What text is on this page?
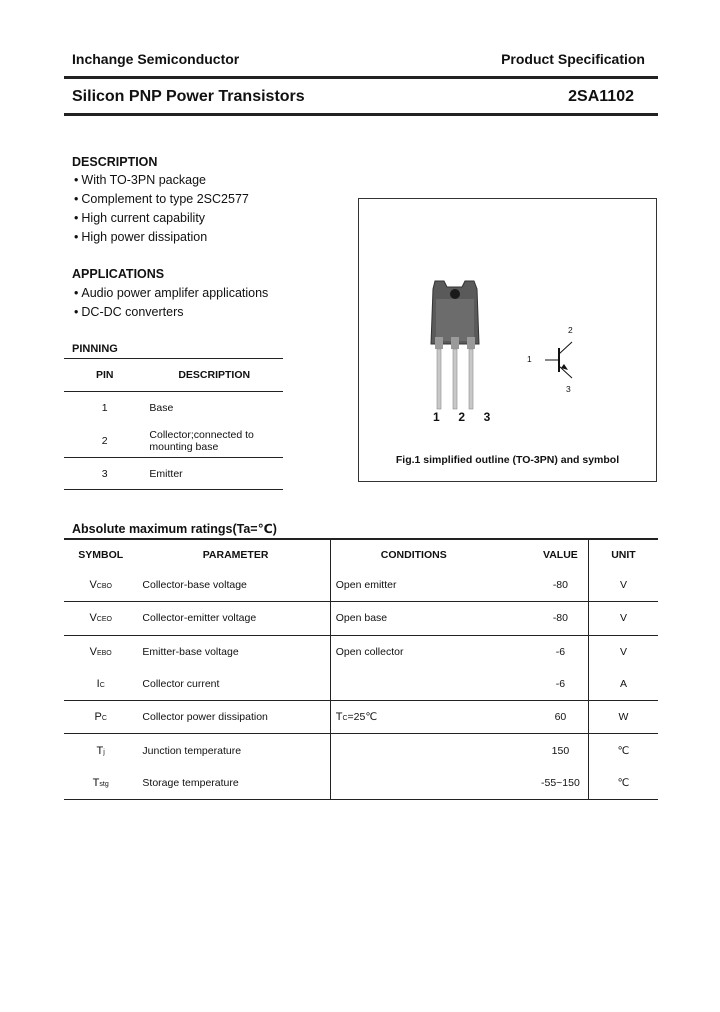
Inchange Semiconductor	Product Specification
Silicon PNP Power Transistors	2SA1102
DESCRIPTION
• With TO-3PN package
• Complement to type 2SC2577
• High current capability
• High power dissipation
APPLICATIONS
• Audio power amplifer applications
• DC-DC converters
PINNING
PIN	DESCRIPTION
1	Base
2	Collector;connected to mounting base
3	Emitter
1  2  3
2
1
3
Fig.1 simplified outline (TO-3PN) and symbol
Absolute maximum ratings(Ta=℃)
SYMBOL	PARAMETER	CONDITIONS	VALUE	UNIT
VCBO	Collector-base voltage	Open emitter	-80	V
VCEO	Collector-emitter voltage	Open base	-80	V
VEBO	Emitter-base voltage	Open collector	-6	V
IC	Collector current		-6	A
PC	Collector power dissipation	TC=25℃	60	W
Tj	Junction temperature		150	℃
Tstg	Storage temperature		-55~150	℃
